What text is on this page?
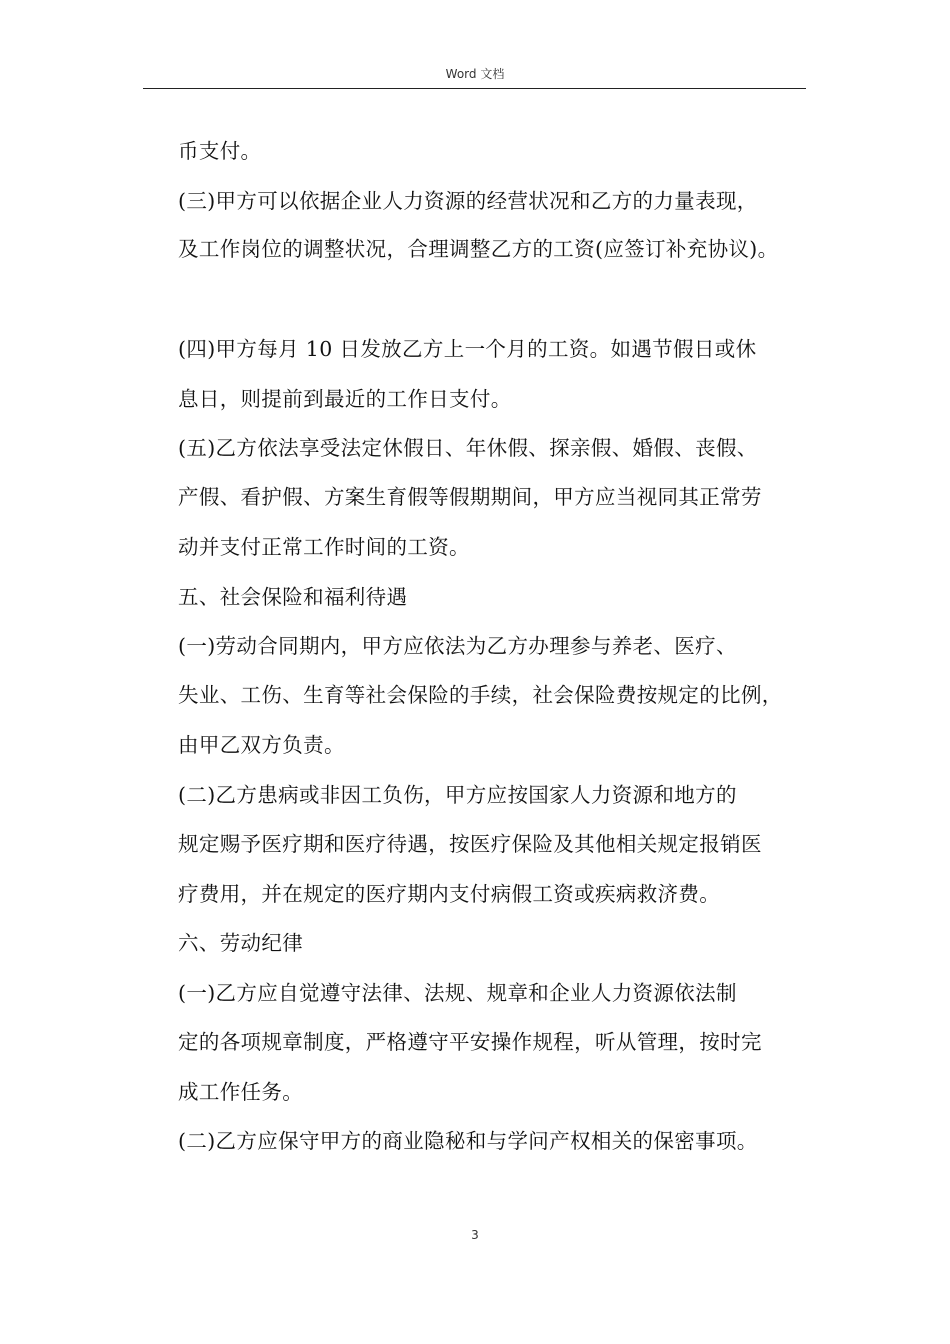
Word 文档
币支付。
(三)甲方可以依据企业人力资源的经营状况和乙方的力量表现，
及工作岗位的调整状况，合理调整乙方的工资(应签订补充协议)。
(四)甲方每月 10 日发放乙方上一个月的工资。如遇节假日或休
息日，则提前到最近的工作日支付。
(五)乙方依法享受法定休假日、年休假、探亲假、婚假、丧假、
产假、看护假、方案生育假等假期期间，甲方应当视同其正常劳
动并支付正常工作时间的工资。
五、社会保险和福利待遇
(一)劳动合同期内，甲方应依法为乙方办理参与养老、医疗、
失业、工伤、生育等社会保险的手续，社会保险费按规定的比例，
由甲乙双方负责。
(二)乙方患病或非因工负伤，甲方应按国家人力资源和地方的
规定赐予医疗期和医疗待遇，按医疗保险及其他相关规定报销医
疗费用，并在规定的医疗期内支付病假工资或疾病救济费。
六、劳动纪律
(一)乙方应自觉遵守法律、法规、规章和企业人力资源依法制
定的各项规章制度，严格遵守平安操作规程，听从管理，按时完
成工作任务。
(二)乙方应保守甲方的商业隐秘和与学问产权相关的保密事项。
3
